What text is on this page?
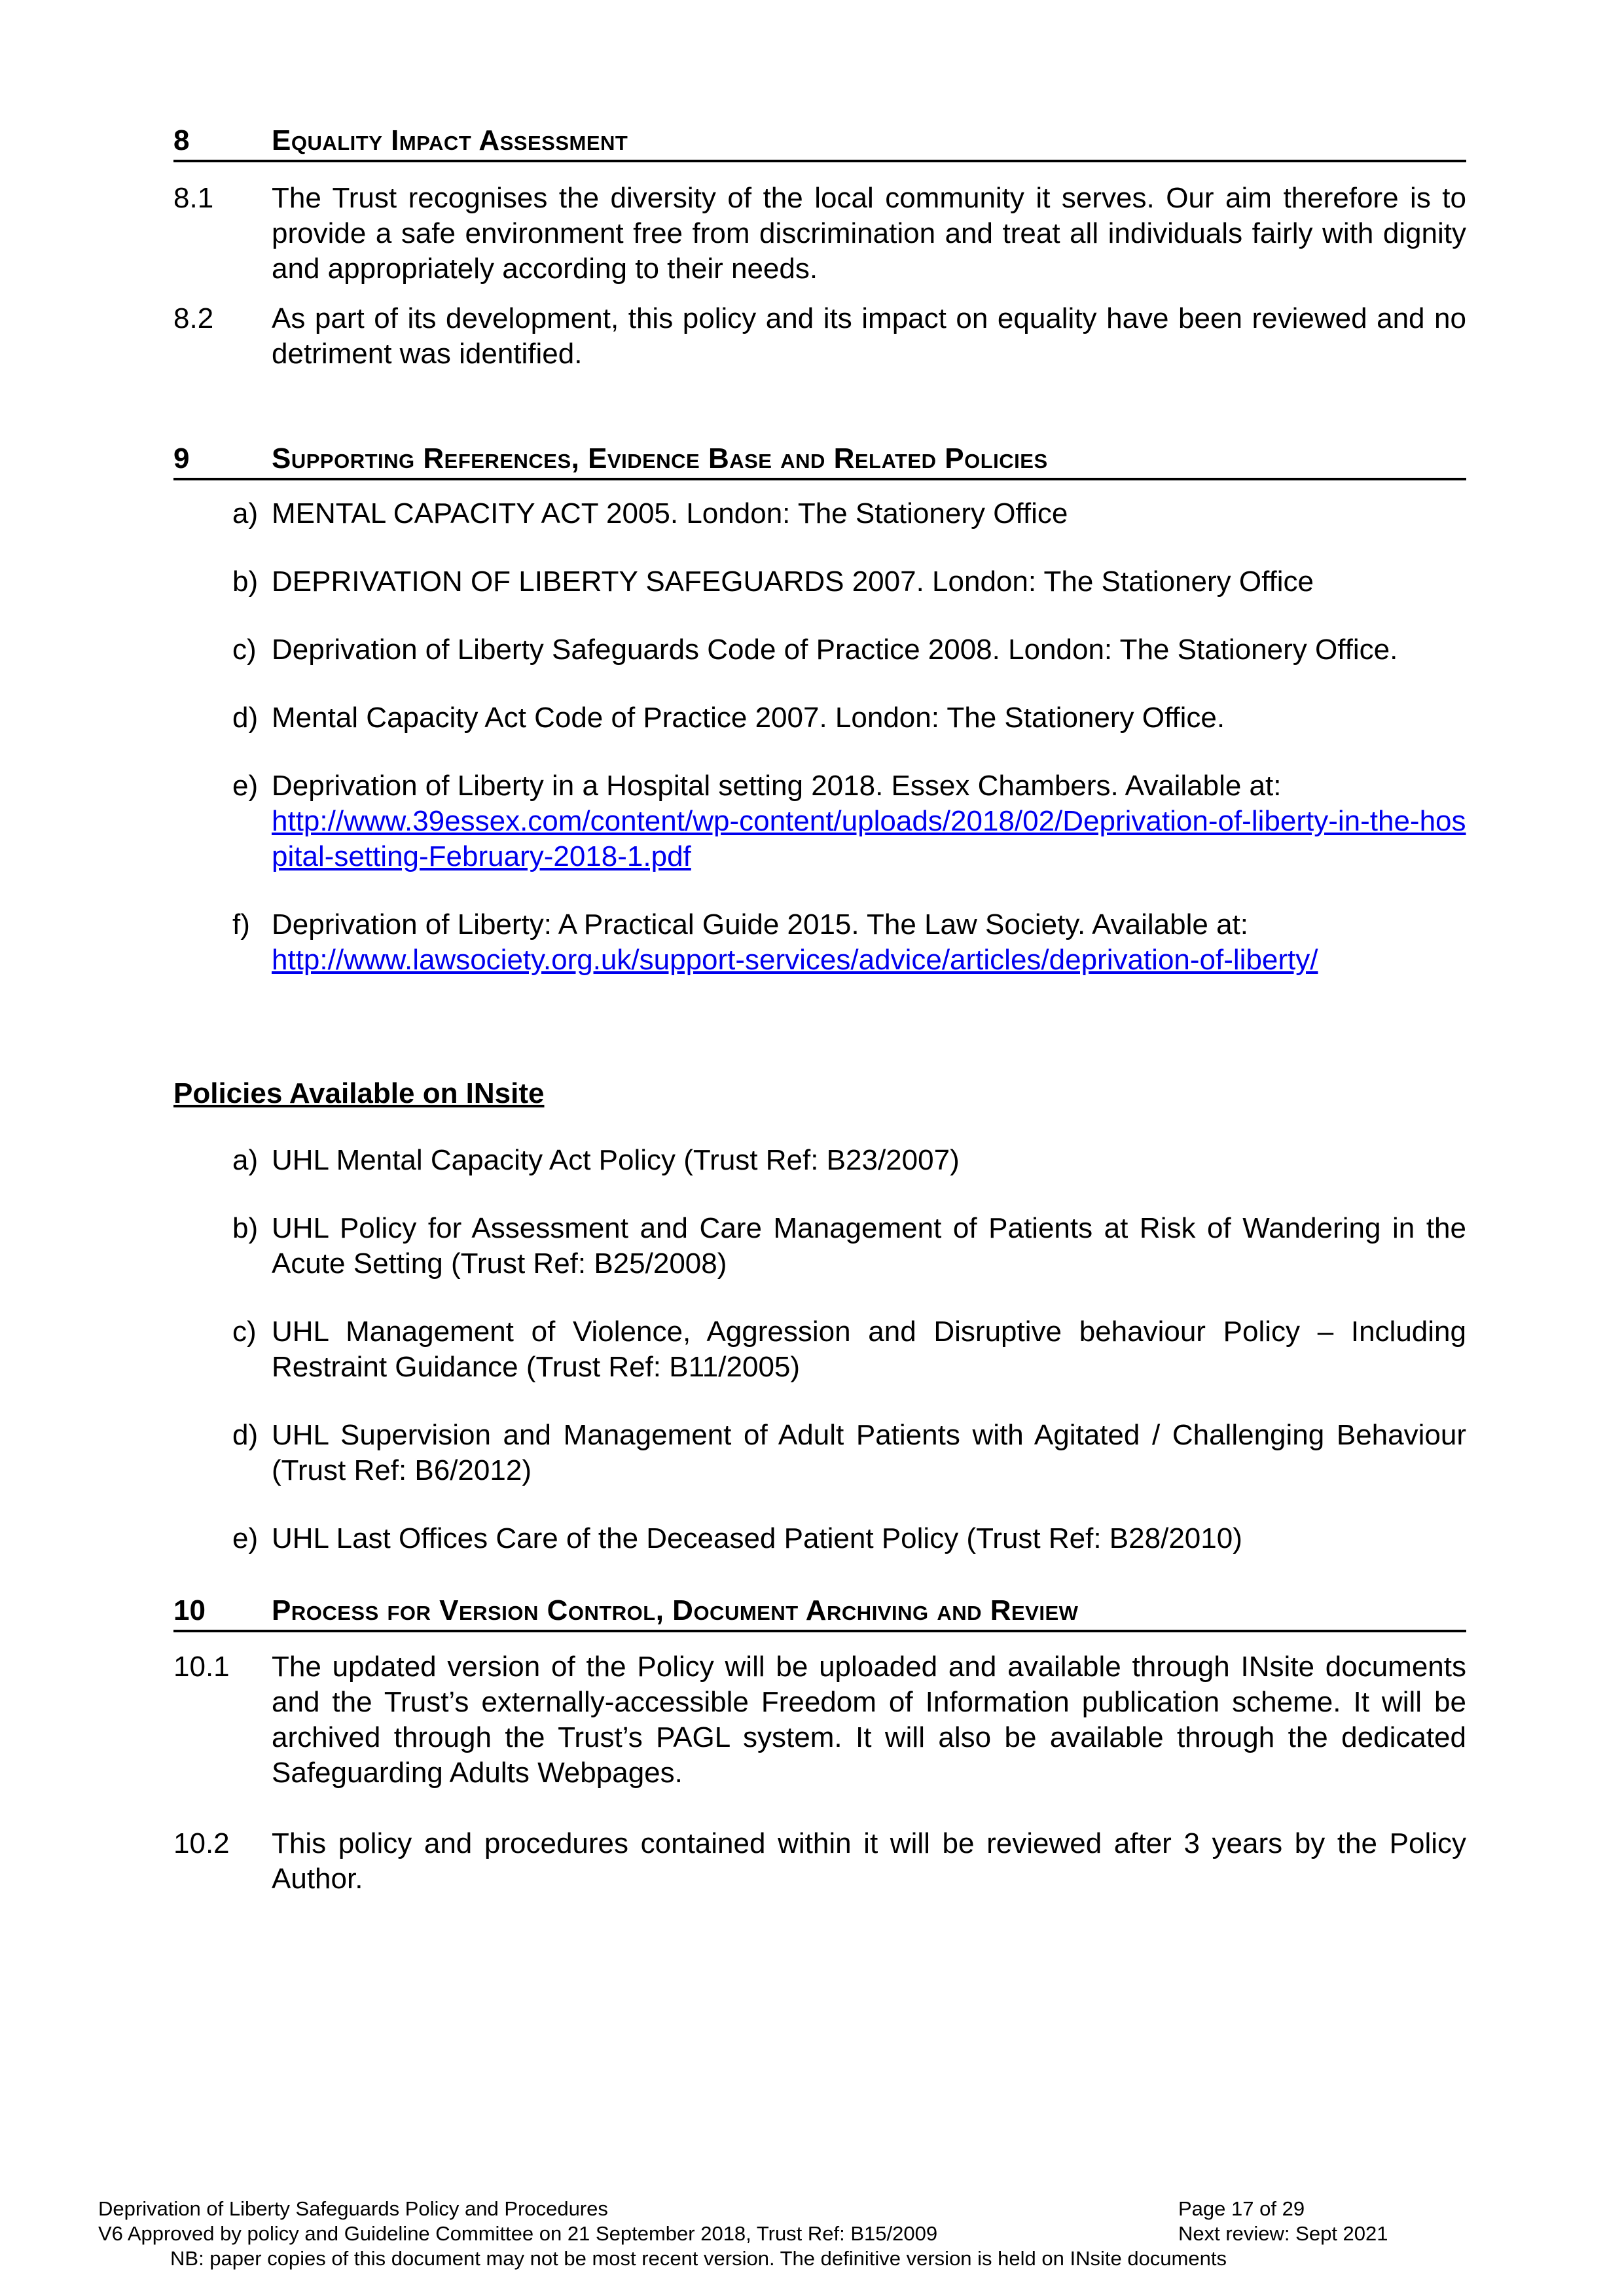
8	Equality Impact Assessment
8.1	The Trust recognises the diversity of the local community it serves. Our aim therefore is to provide a safe environment free from discrimination and treat all individuals fairly with dignity and appropriately according to their needs.
8.2	As part of its development, this policy and its impact on equality have been reviewed and no detriment was identified.
9	Supporting References, Evidence Base and Related Policies
a) MENTAL CAPACITY ACT 2005. London: The Stationery Office
b) DEPRIVATION OF LIBERTY SAFEGUARDS 2007. London: The Stationery Office
c) Deprivation of Liberty Safeguards Code of Practice 2008. London: The Stationery Office.
d) Mental Capacity Act Code of Practice 2007. London: The Stationery Office.
e) Deprivation of Liberty in a Hospital setting 2018. Essex Chambers. Available at:
http://www.39essex.com/content/wp-content/uploads/2018/02/Deprivation-of-liberty-in-the-hospital-setting-February-2018-1.pdf
f) Deprivation of Liberty: A Practical Guide 2015. The Law Society. Available at:
http://www.lawsociety.org.uk/support-services/advice/articles/deprivation-of-liberty/
Policies Available on INsite
a) UHL Mental Capacity Act Policy (Trust Ref: B23/2007)
b) UHL Policy for Assessment and Care Management of Patients at Risk of Wandering in the Acute Setting (Trust Ref: B25/2008)
c) UHL Management of Violence, Aggression and Disruptive behaviour Policy – Including Restraint Guidance (Trust Ref: B11/2005)
d) UHL Supervision and Management of Adult Patients with Agitated / Challenging Behaviour (Trust Ref: B6/2012)
e) UHL Last Offices Care of the Deceased Patient Policy (Trust Ref: B28/2010)
10	Process for Version Control, Document Archiving and Review
10.1	The updated version of the Policy will be uploaded and available through INsite documents and the Trust’s externally-accessible Freedom of Information publication scheme. It will be archived through the Trust’s PAGL system. It will also be available through the dedicated Safeguarding Adults Webpages.
10.2	This policy and procedures contained within it will be reviewed after 3 years by the Policy Author.
Deprivation of Liberty Safeguards Policy and Procedures	Page 17 of 29
V6 Approved by policy and Guideline Committee on 21 September 2018, Trust Ref: B15/2009	Next review: Sept 2021
NB: paper copies of this document may not be most recent version. The definitive version is held on INsite documents
